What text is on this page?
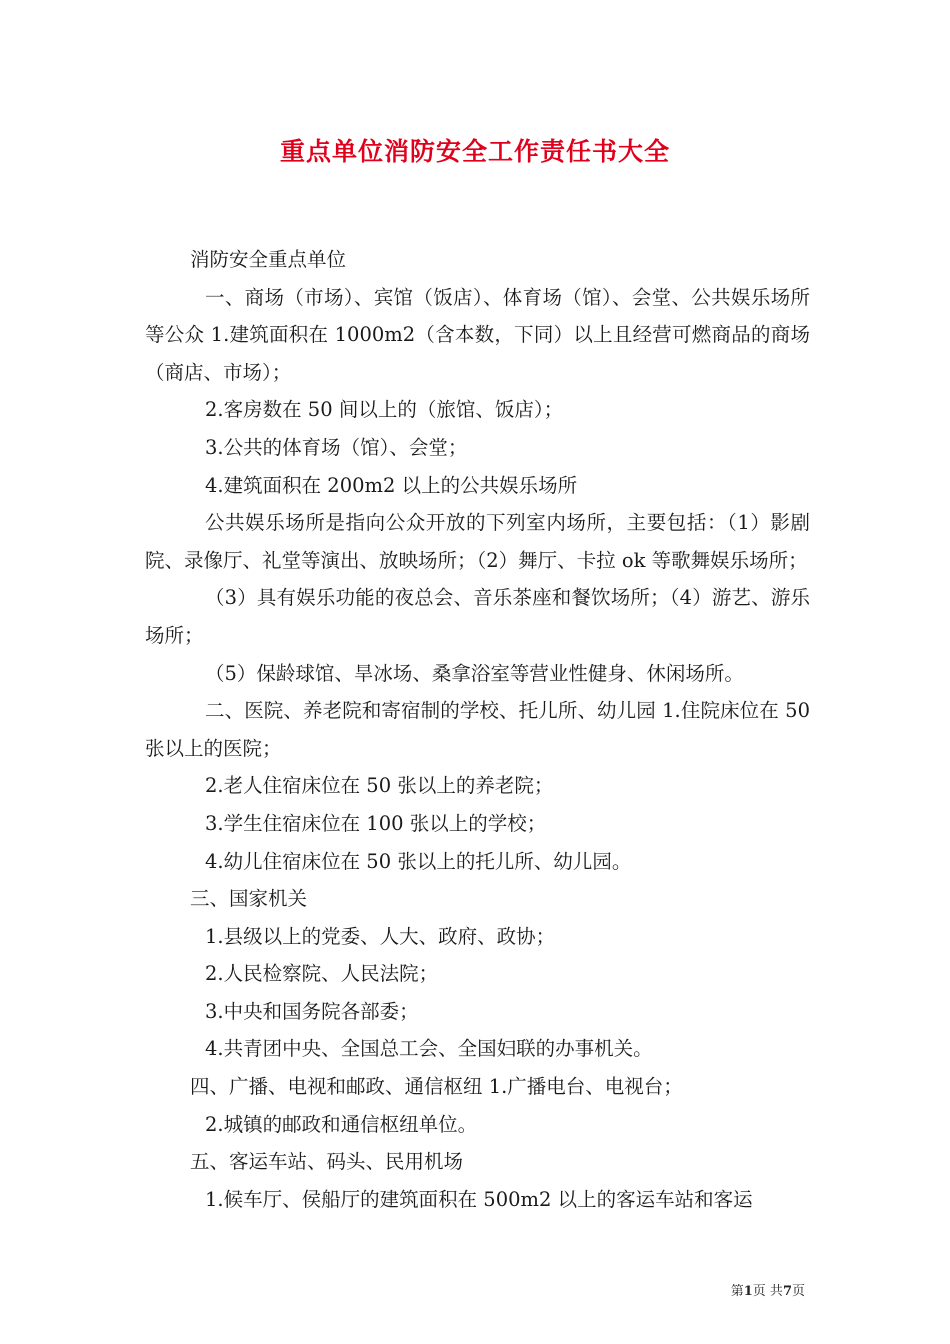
重点单位消防安全工作责任书大全

消防安全重点单位

一、商场（市场）、宾馆（饭店）、体育场（馆）、会堂、公共娱乐场所等公众 1.建筑面积在 1000m2（含本数，下同）以上且经营可燃商品的商场（商店、市场）；

2.客房数在 50 间以上的（旅馆、饭店）；

3.公共的体育场（馆）、会堂；

4.建筑面积在 200m2 以上的公共娱乐场所

公共娱乐场所是指向公众开放的下列室内场所，主要包括：（1）影剧院、录像厅、礼堂等演出、放映场所；（2）舞厅、卡拉 ok 等歌舞娱乐场所；

（3）具有娱乐功能的夜总会、音乐茶座和餐饮场所；（4）游艺、游乐场所；

（5）保龄球馆、旱冰场、桑拿浴室等营业性健身、休闲场所。

二、医院、养老院和寄宿制的学校、托儿所、幼儿园 1.住院床位在 50 张以上的医院；

2.老人住宿床位在 50 张以上的养老院；

3.学生住宿床位在 100 张以上的学校；

4.幼儿住宿床位在 50 张以上的托儿所、幼儿园。

三、国家机关

1.县级以上的党委、人大、政府、政协；

2.人民检察院、人民法院；

3.中央和国务院各部委；

4.共青团中央、全国总工会、全国妇联的办事机关。

四、广播、电视和邮政、通信枢纽 1.广播电台、电视台；

2.城镇的邮政和通信枢纽单位。

五、客运车站、码头、民用机场

1.候车厅、侯船厅的建筑面积在 500m2 以上的客运车站和客运

第1页 共7页
